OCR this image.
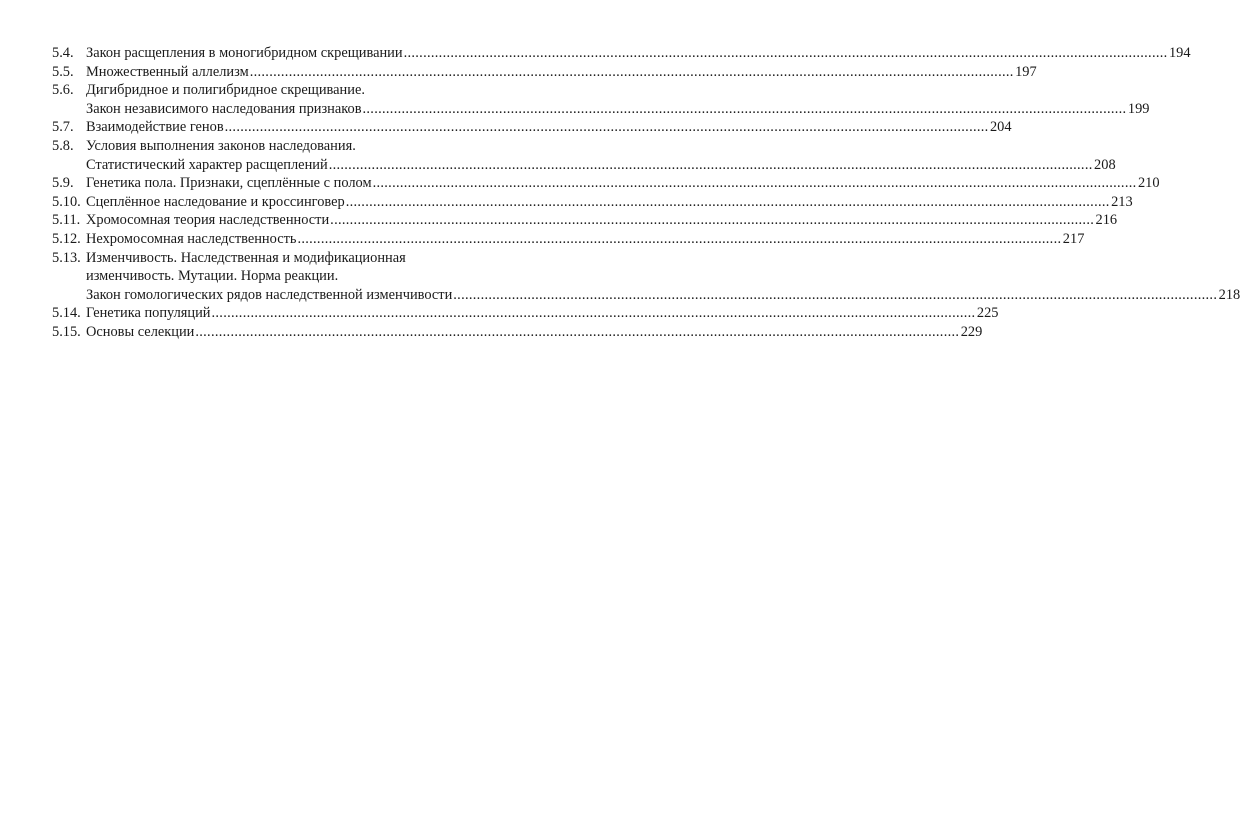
5.4. Закон расщепления в моногибридном скрещивании .....	194
5.5. Множественный аллелизм .....	197
5.6. Дигибридное и полигибридное скрещивание.
Закон независимого наследования признаков .....	199
5.7. Взаимодействие генов .....	204
5.8. Условия выполнения законов наследования.
Статистический характер расщеплений .....	208
5.9. Генетика пола. Признаки, сцеплённые с полом .....	210
5.10. Сцеплённое наследование и кроссинговер .....	213
5.11. Хромосомная теория наследственности .....	216
5.12. Нехромосомная наследственность .....	217
5.13. Изменчивость. Наследственная и модификационная
изменчивость. Мутации. Норма реакции.
Закон гомологических рядов наследственной изменчивости .....	218
5.14. Генетика популяций .....	225
5.15. Основы селекции .....	229
